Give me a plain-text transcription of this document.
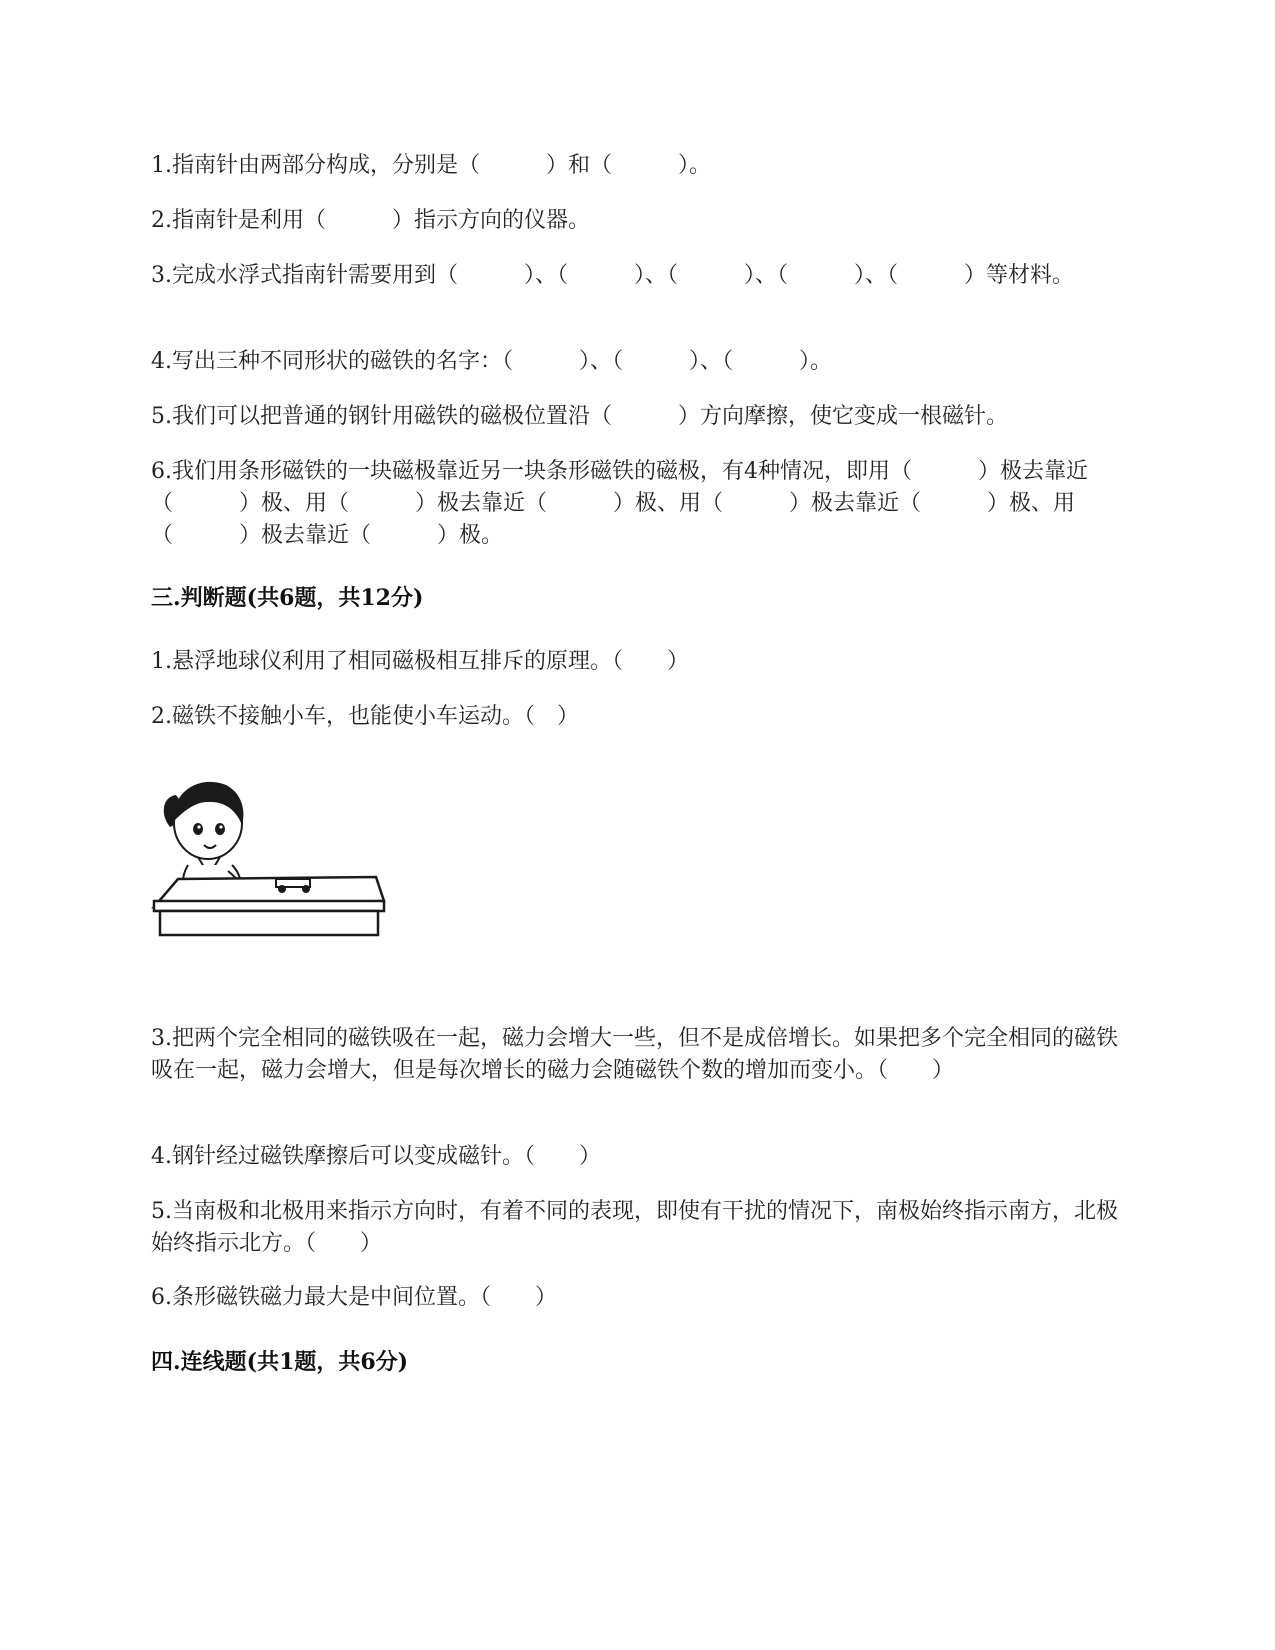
1.指南针由两部分构成，分别是（　　　）和（　　　）。

2.指南针是利用（　　　）指示方向的仪器。

3.完成水浮式指南针需要用到（　　　）、（　　　）、（　　　）、（　　　）、（　　　）等材料。

4.写出三种不同形状的磁铁的名字：（　　　）、（　　　）、（　　　）。

5.我们可以把普通的钢针用磁铁的磁极位置沿（　　　）方向摩擦，使它变成一根磁针。

6.我们用条形磁铁的一块磁极靠近另一块条形磁铁的磁极，有4种情况，即用（　　　）极去靠近（　　　）极、用（　　　）极去靠近（　　　）极、用（　　　）极去靠近（　　　）极、用（　　　）极去靠近（　　　）极。

三.判断题(共6题，共12分)

1.悬浮地球仪利用了相同磁极相互排斥的原理。（　　）

2.磁铁不接触小车，也能使小车运动。（　）

3.把两个完全相同的磁铁吸在一起，磁力会增大一些，但不是成倍增长。如果把多个完全相同的磁铁吸在一起，磁力会增大，但是每次增长的磁力会随磁铁个数的增加而变小。（　　）

4.钢针经过磁铁摩擦后可以变成磁针。（　　）

5.当南极和北极用来指示方向时，有着不同的表现，即使有干扰的情况下，南极始终指示南方，北极始终指示北方。（　　）

6.条形磁铁磁力最大是中间位置。（　　）

四.连线题(共1题，共6分)
